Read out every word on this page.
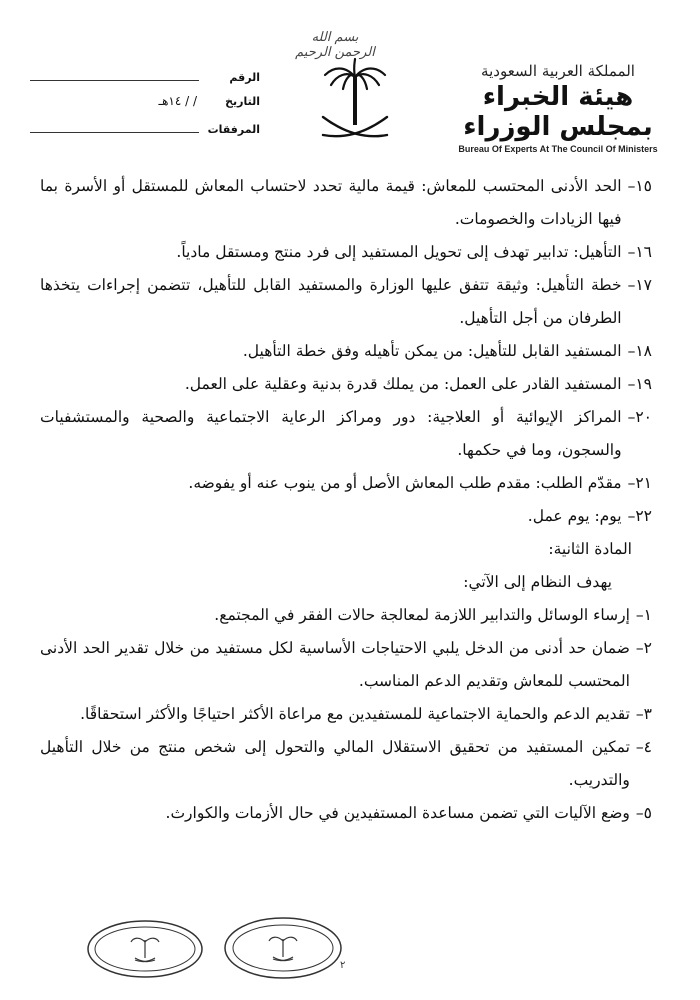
بسم الله الرحمن الرحيم
المملكة العربية السعودية
هيئة الخبراء بمجلس الوزراء
Bureau Of Experts At The Council Of Ministers
الرقم
التاريخ
/ / ١٤هـ
المرفقات
١٥–
الحد الأدنى المحتسب للمعاش: قيمة مالية تحدد لاحتساب المعاش للمستقل أو الأسرة بما فيها الزيادات والخصومات.
١٦–
التأهيل: تدابير تهدف إلى تحويل المستفيد إلى فرد منتج ومستقل مادياً.
١٧–
خطة التأهيل: وثيقة تتفق عليها الوزارة والمستفيد القابل للتأهيل، تتضمن إجراءات يتخذها الطرفان من أجل التأهيل.
١٨–
المستفيد القابل للتأهيل: من يمكن تأهيله وفق خطة التأهيل.
١٩–
المستفيد القادر على العمل: من يملك قدرة بدنية وعقلية على العمل.
٢٠–
المراكز الإيوائية أو العلاجية: دور ومراكز الرعاية الاجتماعية والصحية والمستشفيات والسجون، وما في حكمها.
٢١–
مقدّم الطلب: مقدم طلب المعاش الأصل أو من ينوب عنه أو يفوضه.
٢٢–
يوم: يوم عمل.
المادة الثانية:
يهدف النظام إلى الآتي:
١–
إرساء الوسائل والتدابير اللازمة لمعالجة حالات الفقر في المجتمع.
٢–
ضمان حد أدنى من الدخل يلبي الاحتياجات الأساسية لكل مستفيد من خلال تقدير الحد الأدنى المحتسب للمعاش وتقديم الدعم المناسب.
٣–
تقديم الدعم والحماية الاجتماعية للمستفيدين مع مراعاة الأكثر احتياجًا والأكثر استحقاقًا.
٤–
تمكين المستفيد من تحقيق الاستقلال المالي والتحول إلى شخص منتج من خلال التأهيل والتدريب.
٥–
وضع الآليات التي تضمن مساعدة المستفيدين في حال الأزمات والكوارث.
٢
